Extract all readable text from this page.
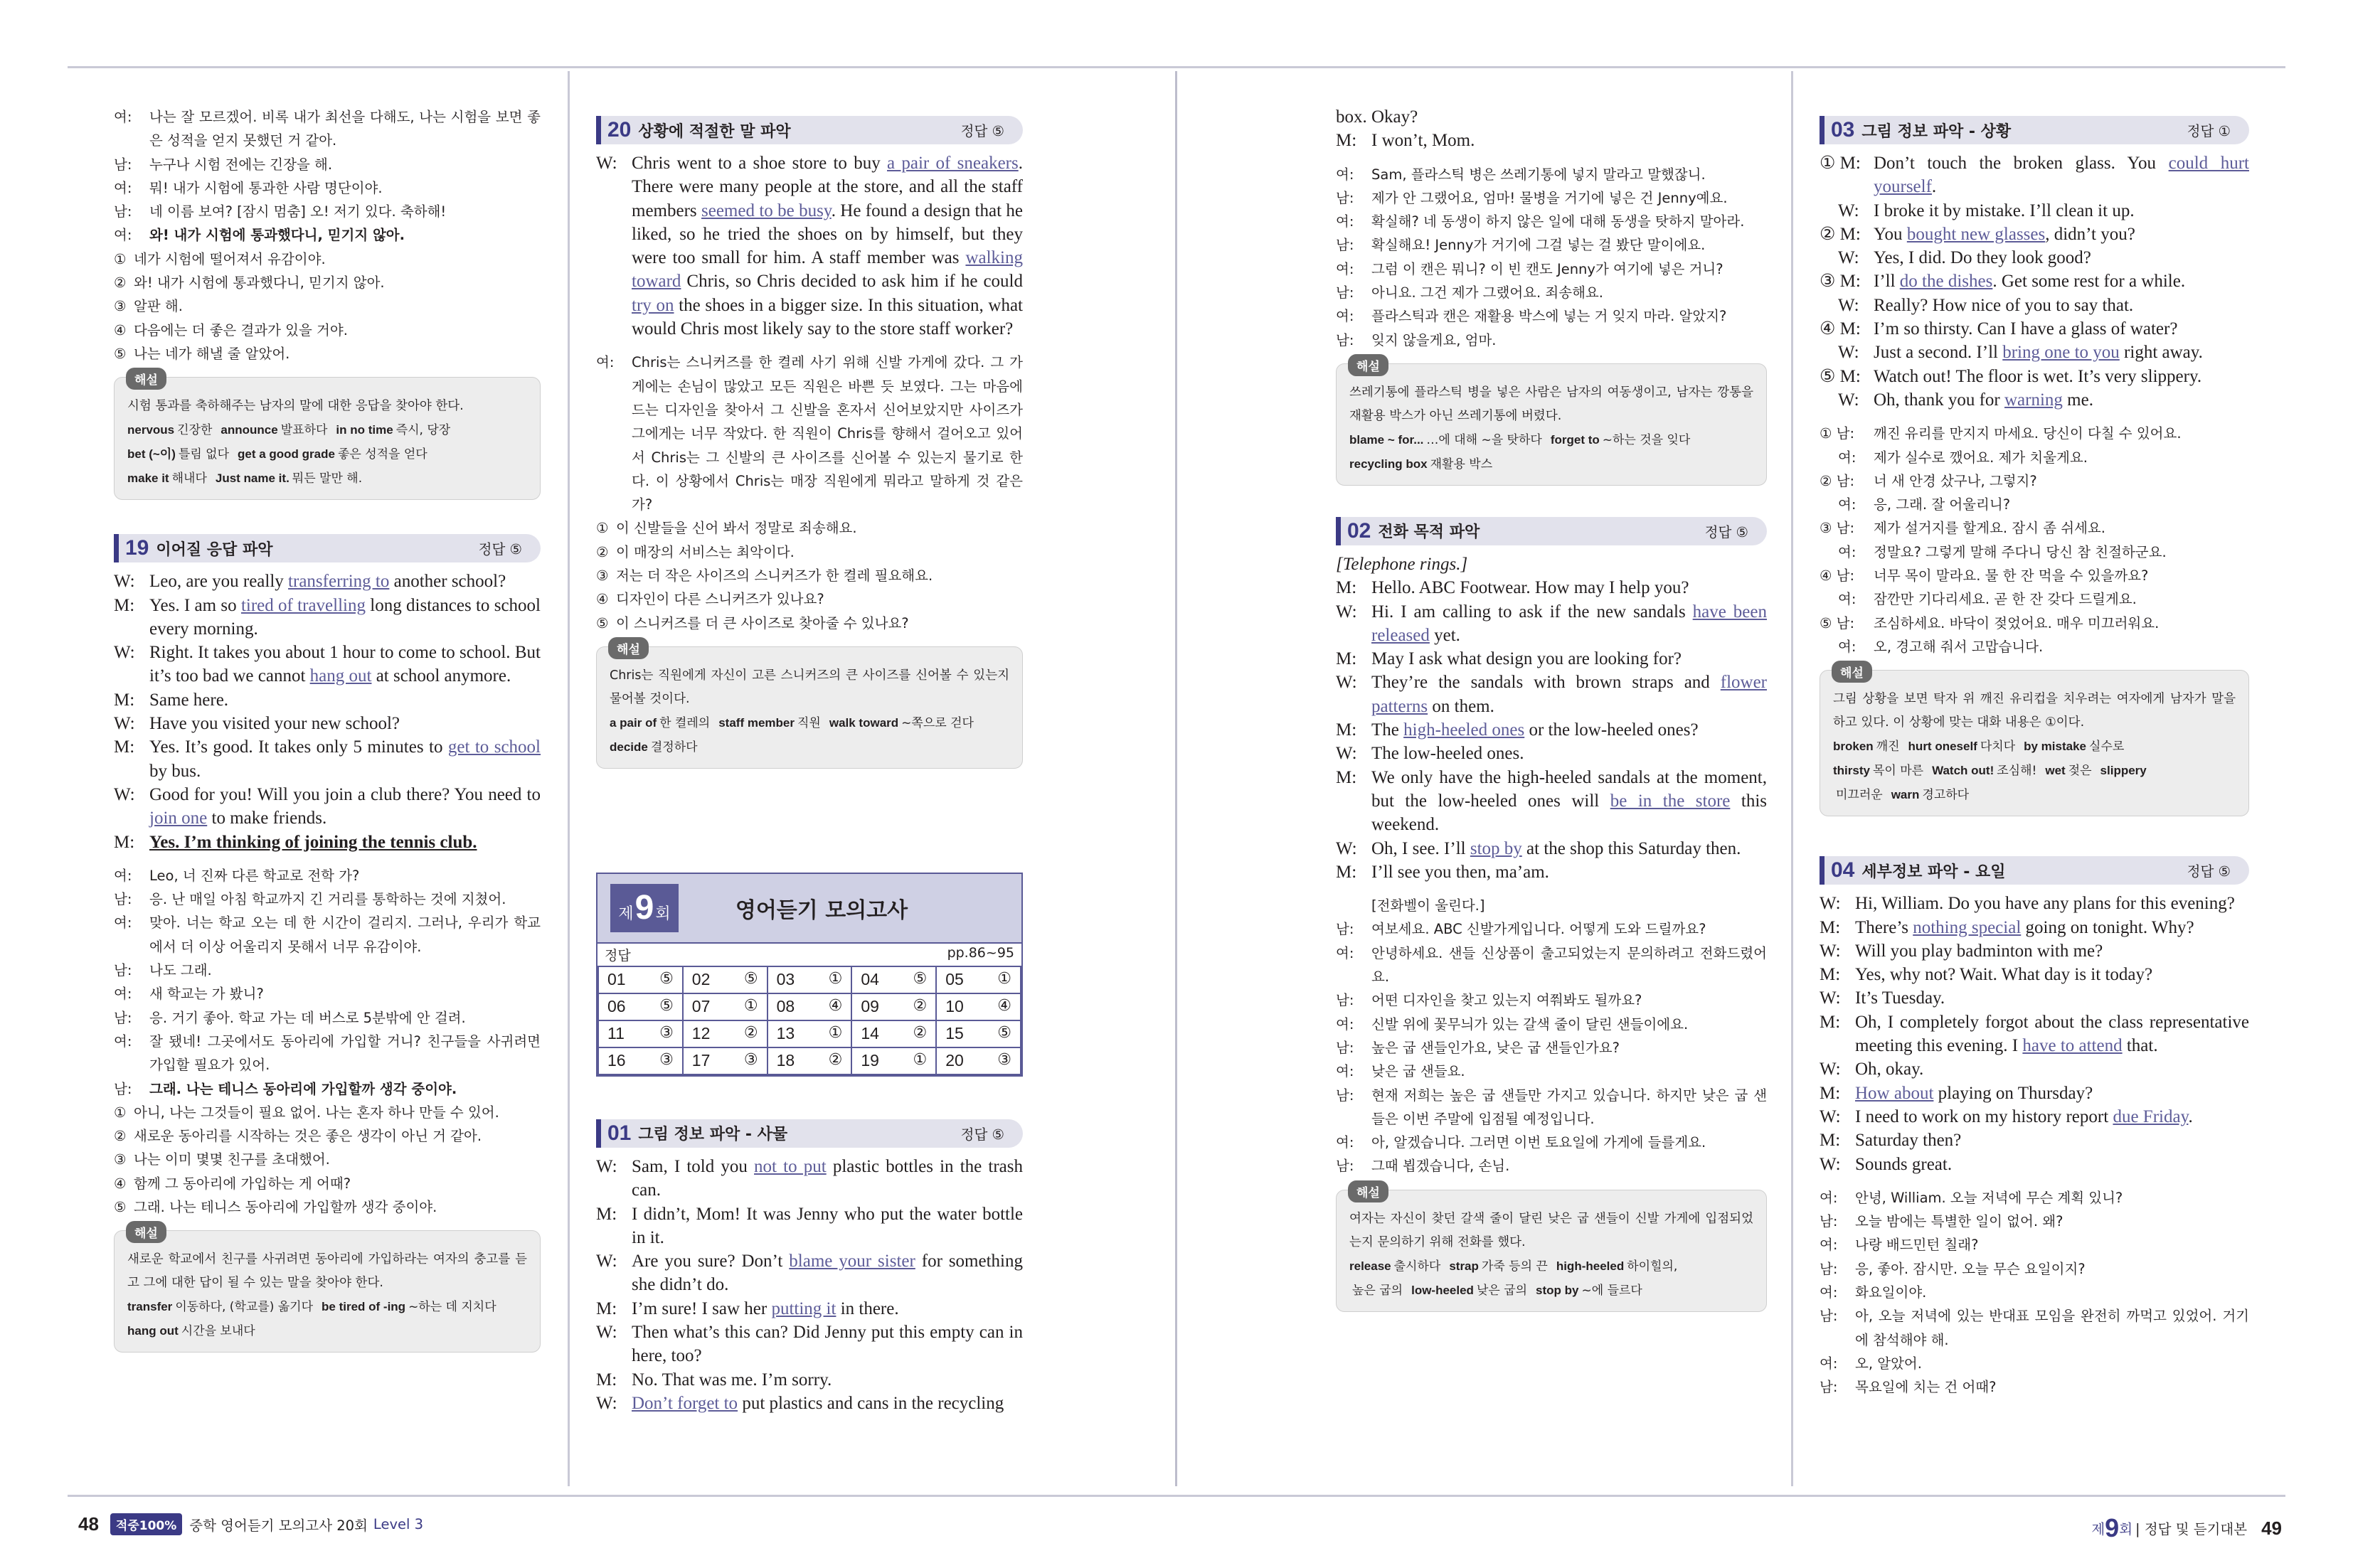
여:	나는 잘 모르겠어. 비록 내가 최선을 다해도, 나는 시험을 보면 좋은 성적을 얻지 못했던 거 같아.
남:	누구나 시험 전에는 긴장을 해.
여:	뭐! 내가 시험에 통과한 사람 명단이야.
남:	네 이름 보여? [잠시 멈춤] 오! 저기 있다. 축하해!
여:	와! 내가 시험에 통과했다니, 믿기지 않아.
① 네가 시험에 떨어져서 유감이야.
② 와! 내가 시험에 통과했다니, 믿기지 않아.
③ 알판 해.
④ 다음에는 더 좋은 결과가 있을 거야.
⑤ 나는 네가 해낼 줄 알았어.
해설
시험 통과를 축하해주는 남자의 말에 대한 응답을 찾아야 한다.
nervous 긴장한 announce 발표하다 in no time 즉시, 당장
bet (~이) 틀림 없다 get a good grade 좋은 성적을 얻다
make it 해내다 Just name it. 뭐든 말만 해.
19 이어질 응답 파악	정답 ⑤
W: Leo, are you really transferring to another school?
M: Yes. I am so tired of travelling long distances to school every morning.
W: Right. It takes you about 1 hour to come to school. But it’s too bad we cannot hang out at school anymore.
M: Same here.
W: Have you visited your new school?
M: Yes. It’s good. It takes only 5 minutes to get to school by bus.
W: Good for you! Will you join a club there? You need to join one to make friends.
M: Yes. I’m thinking of joining the tennis club.
여:	Leo, 너 진짜 다른 학교로 전학 가?
남:	응. 난 매일 아침 학교까지 긴 거리를 통학하는 것에 지쳤어.
여:	맞아. 너는 학교 오는 데 한 시간이 걸리지. 그러나, 우리가 학교에서 더 이상 어울리지 못해서 너무 유감이야.
남:	나도 그래.
여:	새 학교는 가 봤니?
남:	응. 거기 좋아. 학교 가는 데 버스로 5분밖에 안 걸려.
여:	잘 됐네! 그곳에서도 동아리에 가입할 거니? 친구들을 사귀려면 가입할 필요가 있어.
남:	그래. 나는 테니스 동아리에 가입할까 생각 중이야.
① 아니, 나는 그것들이 필요 없어. 나는 혼자 하나 만들 수 있어.
② 새로운 동아리를 시작하는 것은 좋은 생각이 아닌 거 같아.
③ 나는 이미 몇몇 친구를 초대했어.
④ 함께 그 동아리에 가입하는 게 어때?
⑤ 그래. 나는 테니스 동아리에 가입할까 생각 중이야.
해설
새로운 학교에서 친구를 사귀려면 동아리에 가입하라는 여자의 충고를 듣고 그에 대한 답이 될 수 있는 말을 찾아야 한다.
transfer 이동하다, (학교를) 옮기다 be tired of -ing ~하는 데 지치다
hang out 시간을 보내다
20 상황에 적절한 말 파악	정답 ⑤
W: Chris went to a shoe store to buy a pair of sneakers. There were many people at the store, and all the staff members seemed to be busy. He found a design that he liked, so he tried the shoes on by himself, but they were too small for him. A staff member was walking toward Chris, so Chris decided to ask him if he could try on the shoes in a bigger size. In this situation, what would Chris most likely say to the store staff worker?
여:	Chris는 스니커즈를 한 켤레 사기 위해 신발 가게에 갔다. 그 가게에는 손님이 많았고 모든 직원은 바쁜 듯 보였다. 그는 마음에 드는 디자인을 찾아서 그 신발을 혼자서 신어보았지만 사이즈가 그에게는 너무 작았다. 한 직원이 Chris를 향해서 걸어오고 있어서 Chris는 그 신발의 큰 사이즈를 신어볼 수 있는지 물기로 한다. 이 상황에서 Chris는 매장 직원에게 뭐라고 말하게 것 같은가?
① 이 신발들을 신어 봐서 정말로 죄송해요.
② 이 매장의 서비스는 최악이다.
③ 저는 더 작은 사이즈의 스니커즈가 한 켤레 필요해요.
④ 디자인이 다른 스니커즈가 있나요?
⑤ 이 스니커즈를 더 큰 사이즈로 찾아줄 수 있나요?
해설
Chris는 직원에게 자신이 고른 스니커즈의 큰 사이즈를 신어볼 수 있는지 물어볼 것이다.
a pair of 한 켤레의 staff member 직원 walk toward ~쪽으로 걷다
decide 결정하다
제 9 회	영어듣기 모의고사
정답	pp.86~95
01 ⑤	02 ⑤	03 ①	04 ⑤	05 ①

06 ⑤	07 ①	08 ④	09 ②	10 ④

11 ③	12 ②	13 ①	14 ②	15 ⑤

16 ③	17 ③	18 ②	19 ①	20 ③
01 그림 정보 파악 - 사물	정답 ⑤
W: Sam, I told you not to put plastic bottles in the trash can.
M: I didn’t, Mom! It was Jenny who put the water bottle in it.
W: Are you sure? Don’t blame your sister for something she didn’t do.
M: I’m sure! I saw her putting it in there.
W: Then what’s this can? Did Jenny put this empty can in here, too?
M: No. That was me. I’m sorry.
W: Don’t forget to put plastics and cans in the recycling
box. Okay?
M: I won’t, Mom.
여:	Sam, 플라스틱 병은 쓰레기통에 넣지 말라고 말했잖니.
남:	제가 안 그랬어요, 엄마! 물병을 거기에 넣은 건 Jenny예요.
여:	확실해? 네 동생이 하지 않은 일에 대해 동생을 탓하지 말아라.
남:	확실해요! Jenny가 거기에 그걸 넣는 걸 봤단 말이에요.
여:	그럼 이 캔은 뭐니? 이 빈 캔도 Jenny가 여기에 넣은 거니?
남:	아니요. 그건 제가 그랬어요. 죄송해요.
여:	플라스틱과 캔은 재활용 박스에 넣는 거 잊지 마라. 알았지?
남:	잊지 않을게요, 엄마.
해설
쓰레기통에 플라스틱 병을 넣은 사람은 남자의 여동생이고, 남자는 깡통을 재활용 박스가 아닌 쓰레기통에 버렸다.
blame ~ for... …에 대해 ~을 탓하다 forget to ~하는 것을 잊다
recycling box 재활용 박스
02 전화 목적 파악	정답 ⑤
[Telephone rings.]
M: Hello. ABC Footwear. How may I help you?
W: Hi. I am calling to ask if the new sandals have been released yet.
M: May I ask what design you are looking for?
W: They’re the sandals with brown straps and flower patterns on them.
M: The high-heeled ones or the low-heeled ones?
W: The low-heeled ones.
M: We only have the high-heeled sandals at the moment, but the low-heeled ones will be in the store this weekend.
W: Oh, I see. I’ll stop by at the shop this Saturday then.
M: I’ll see you then, ma’am.
[전화벨이 울린다.]
남:	여보세요. ABC 신발가게입니다. 어떻게 도와 드릴까요?
여:	안녕하세요. 샌들 신상품이 출고되었는지 문의하려고 전화드렸어요.
남:	어떤 디자인을 찾고 있는지 여쭤봐도 될까요?
여:	신발 위에 꽃무늬가 있는 갈색 줄이 달린 샌들이에요.
남:	높은 굽 샌들인가요, 낮은 굽 샌들인가요?
여:	낮은 굽 샌들요.
남:	현재 저희는 높은 굽 샌들만 가지고 있습니다. 하지만 낮은 굽 샌들은 이번 주말에 입점될 예정입니다.
여:	아, 알겠습니다. 그러면 이번 토요일에 가게에 들를게요.
남:	그때 뵙겠습니다, 손님.
해설
여자는 자신이 찾던 갈색 줄이 달린 낮은 굽 샌들이 신발 가게에 입점되었는지 문의하기 위해 전화를 했다.
release 출시하다 strap 가죽 등의 끈 high-heeled 하이힐의,
높은 굽의 low-heeled 낮은 굽의 stop by ~에 들르다
03 그림 정보 파악 - 상황	정답 ①
① M: Don’t touch the broken glass. You could hurt yourself.
W: I broke it by mistake. I’ll clean it up.
② M: You bought new glasses, didn’t you?
W: Yes, I did. Do they look good?
③ M: I’ll do the dishes. Get some rest for a while.
W: Really? How nice of you to say that.
④ M: I’m so thirsty. Can I have a glass of water?
W: Just a second. I’ll bring one to you right away.
⑤ M: Watch out! The floor is wet. It’s very slippery.
W: Oh, thank you for warning me.
① 남:	깨진 유리를 만지지 마세요. 당신이 다칠 수 있어요.
여:	제가 실수로 깼어요. 제가 치울게요.
② 남:	너 새 안경 샀구나, 그렇지?
여:	응, 그래. 잘 어울리니?
③ 남:	제가 설거지를 할게요. 잠시 좀 쉬세요.
여:	정말요? 그렇게 말해 주다니 당신 참 친절하군요.
④ 남:	너무 목이 말라요. 물 한 잔 먹을 수 있을까요?
여:	잠깐만 기다리세요. 곧 한 잔 갖다 드릴게요.
⑤ 남:	조심하세요. 바닥이 젖었어요. 매우 미끄러워요.
여:	오, 경고해 줘서 고맙습니다.
해설
그림 상황을 보면 탁자 위 깨진 유리컵을 치우려는 여자에게 남자가 말을 하고 있다. 이 상황에 맞는 대화 내용은 ①이다.
broken 깨진 hurt oneself 다치다 by mistake 실수로
thirsty 목이 마른 Watch out! 조심해! wet 젖은 slippery
미끄러운 warn 경고하다
04 세부정보 파악 - 요일	정답 ⑤
W: Hi, William. Do you have any plans for this evening?
M: There’s nothing special going on tonight. Why?
W: Will you play badminton with me?
M: Yes, why not? Wait. What day is it today?
W: It’s Tuesday.
M: Oh, I completely forgot about the class representative meeting this evening. I have to attend that.
W: Oh, okay.
M: How about playing on Thursday?
W: I need to work on my history report due Friday.
M: Saturday then?
W: Sounds great.
여:	안녕, William. 오늘 저녁에 무슨 계획 있니?
남:	오늘 밤에는 특별한 일이 없어. 왜?
여:	나랑 배드민턴 칠래?
남:	응, 좋아. 잠시만. 오늘 무슨 요일이지?
여:	화요일이야.
남:	아, 오늘 저녁에 있는 반대표 모임을 완전히 까먹고 있었어. 거기에 참석해야 해.
여:	오, 알았어.
남:	목요일에 치는 건 어때?
48	적중100% 중학 영어듣기 모의고사 20회 Level 3	제 9 회 | 정답 및 듣기대본 49
